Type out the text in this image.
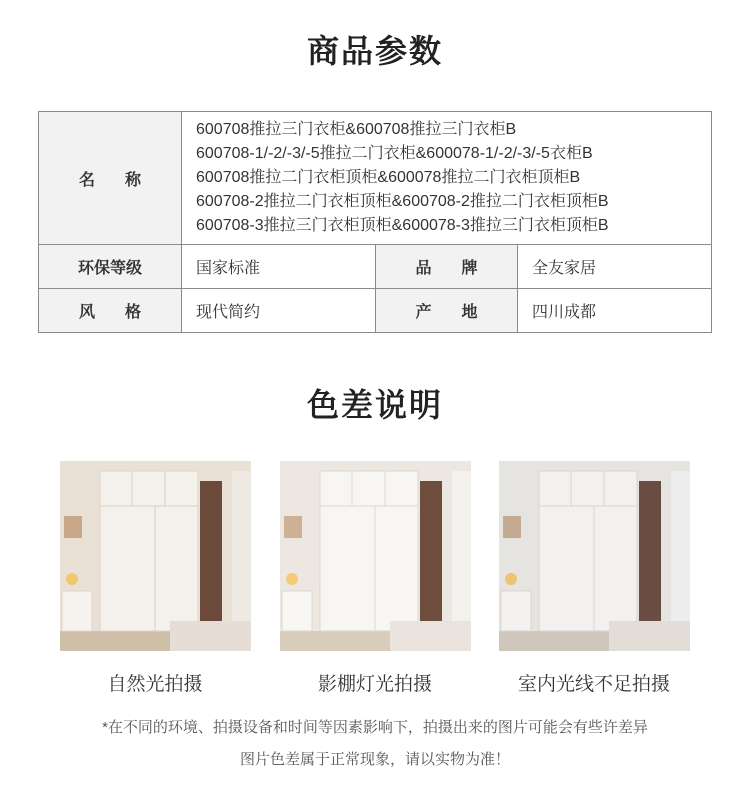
商品参数
名称	600708推拉三门衣柜&600708推拉三门衣柜B
600708-1/-2/-3/-5推拉二门衣柜&600078-1/-2/-3/-5衣柜B
600708推拉二门衣柜顶柜&600078推拉二门衣柜顶柜B
600708-2推拉二门衣柜顶柜&600708-2推拉二门衣柜顶柜B
600708-3推拉三门衣柜顶柜&600078-3推拉三门衣柜顶柜B		

环保等级	国家标准	品牌	全友家居
风格	现代简约	产地	四川成都
色差说明
自然光拍摄	影棚灯光拍摄	室内光线不足拍摄
*在不同的环境、拍摄设备和时间等因素影响下，拍摄出来的图片可能会有些许差异
图片色差属于正常现象，请以实物为准！
